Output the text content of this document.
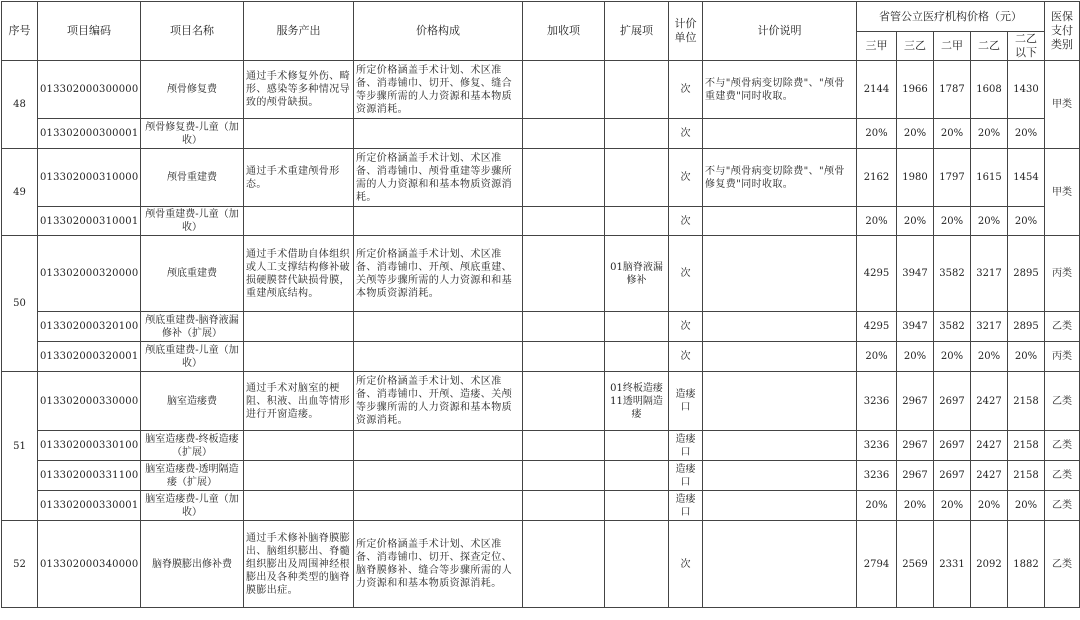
序号	项目编码	项目名称	服务产出	价格构成	加收项	扩展项	计价单位	计价说明	省管公立医疗机构价格（元）					医保支付类别
									三甲	三乙	二甲	二乙	二乙以下	
48	013302000300000	颅骨修复费	通过手术修复外伤、畸形、感染等多种情况导致的颅骨缺损。	所定价格涵盖手术计划、术区准备、消毒铺巾、切开、修复、缝合等步骤所需的人力资源和基本物质资源消耗。			次	不与"颅骨病变切除费"、"颅骨重建费"同时收取。	2144	1966	1787	1608	1430	甲类
	013302000300001	颅骨修复费-儿童（加收）					次		20%	20%	20%	20%	20%	
49	013302000310000	颅骨重建费	通过手术重建颅骨形态。	所定价格涵盖手术计划、术区准备、消毒铺巾、颅骨重建等步骤所需的人力资源和和基本物质资源消耗。			次	不与"颅骨病变切除费"、"颅骨修复费"同时收取。	2162	1980	1797	1615	1454	甲类
	013302000310001	颅骨重建费-儿童（加收）					次		20%	20%	20%	20%	20%	
50	013302000320000	颅底重建费	通过手术借助自体组织或人工支撑结构修补破损硬膜替代缺损骨膜，重建颅底结构。	所定价格涵盖手术计划、术区准备、消毒铺巾、开颅、颅底重建、关颅等步骤所需的人力资源和和基本物质资源消耗。		01脑脊液漏修补	次		4295	3947	3582	3217	2895	丙类
	013302000320100	颅底重建费-脑脊液漏修补（扩展）					次		4295	3947	3582	3217	2895	乙类
	013302000320001	颅底重建费-儿童（加收）					次		20%	20%	20%	20%	20%	丙类
51	013302000330000	脑室造瘘费	通过手术对脑室的梗阻、积液、出血等情形进行开窗造瘘。	所定价格涵盖手术计划、术区准备、消毒铺巾、开颅、造瘘、关颅等步骤所需的人力资源和基本物质资源消耗。		01终板造瘘 11透明隔造瘘	造瘘口		3236	2967	2697	2427	2158	乙类
	013302000330100	脑室造瘘费-终板造瘘（扩展）					造瘘口		3236	2967	2697	2427	2158	乙类
	013302000331100	脑室造瘘费-透明隔造瘘（扩展）					造瘘口		3236	2967	2697	2427	2158	乙类
	013302000330001	脑室造瘘费-儿童（加收）					造瘘口		20%	20%	20%	20%	20%	乙类
52	013302000340000	脑脊膜膨出修补费	通过手术修补脑脊膜膨出、脑组织膨出、脊髓组织膨出及周围神经根膨出及各种类型的脑脊膜膨出症。	所定价格涵盖手术计划、术区准备、消毒铺巾、切开、探查定位、脑脊膜修补、缝合等步骤所需的人力资源和和基本物质资源消耗。			次		2794	2569	2331	2092	1882	乙类
